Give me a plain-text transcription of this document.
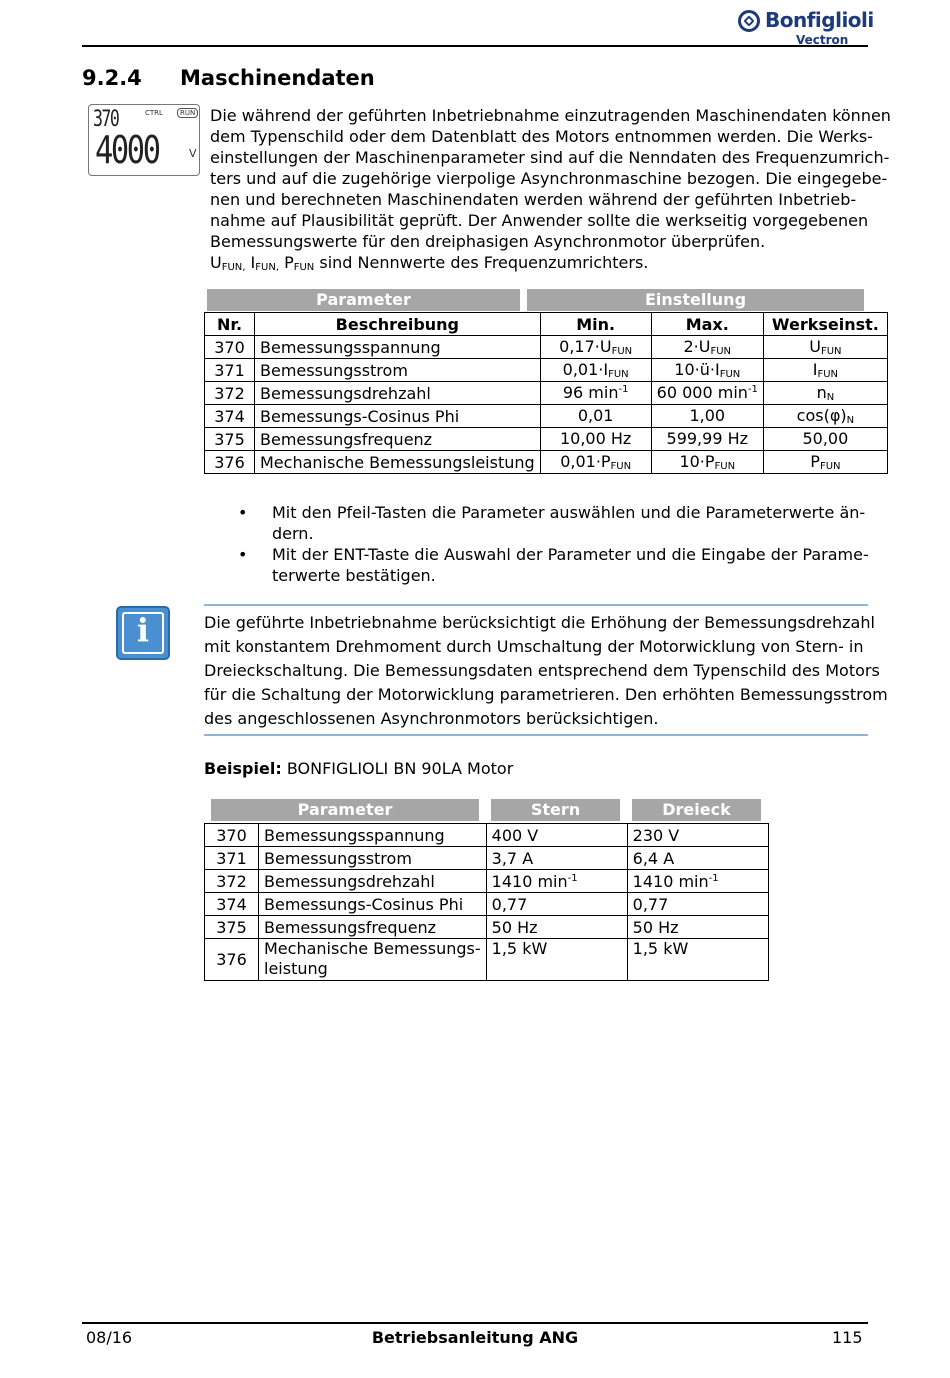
Bonfiglioli
Vectron
9.2.4 Maschinendaten
370	CTRL	RUN
4000	V
Die während der geführten Inbetriebnahme einzutragenden Maschinendaten können
dem Typenschild oder dem Datenblatt des Motors entnommen werden. Die Werks-
einstellungen der Maschinenparameter sind auf die Nenndaten des Frequenzumrich-
ters und auf die zugehörige vierpolige Asynchronmaschine bezogen. Die eingegebe-
nen und berechneten Maschinendaten werden während der geführten Inbetrieb-
nahme auf Plausibilität geprüft. Der Anwender sollte die werkseitig vorgegebenen
Bemessungswerte für den dreiphasigen Asynchronmotor überprüfen.
$U_{FUN,}$ $I_{FUN,}$ $P_{FUN}$ sind Nennwerte des Frequenzumrichters.
Parameter	Einstellung
Nr.	Beschreibung	Min.	Max.	Werkseinst.
370	Bemessungsspannung	$0,17\cdot U_{FUN}$	$2\cdot U_{FUN}$	$U_{FUN}$
371	Bemessungsstrom	$0,01\cdot I_{FUN}$	$10\cdot ü\cdot I_{FUN}$	$I_{FUN}$
372	Bemessungsdrehzahl	96 $\min^{-1}$	60 000 $\min^{-1}$	$n_N$
374	Bemessungs-Cosinus Phi	0,01	1,00	$\cos(\varphi)_N$
375	Bemessungsfrequenz	10,00 Hz	599,99 Hz	50,00
376	Mechanische Bemessungsleistung	$0,01\cdot P_{FUN}$	$10\cdot P_{FUN}$	$P_{FUN}$
• Mit den Pfeil-Tasten die Parameter auswählen und die Parameterwerte än-
dern.
• Mit der ENT-Taste die Auswahl der Parameter und die Eingabe der Parame-
terwerte bestätigen.
i	Die geführte Inbetriebnahme berücksichtigt die Erhöhung der Bemessungsdrehzahl
mit konstantem Drehmoment durch Umschaltung der Motorwicklung von Stern- in
Dreieckschaltung. Die Bemessungsdaten entsprechend dem Typenschild des Motors
für die Schaltung der Motorwicklung parametrieren. Den erhöhten Bemessungsstrom
des angeschlossenen Asynchronmotors berücksichtigen.
Beispiel: BONFIGLIOLI BN 90LA Motor
Parameter	Stern	Dreieck
370	Bemessungsspannung	400 V	230 V
371	Bemessungsstrom	3,7 A	6,4 A
372	Bemessungsdrehzahl	1410 $\min^{-1}$	1410 $\min^{-1}$
374	Bemessungs-Cosinus Phi	0,77	0,77
375	Bemessungsfrequenz	50 Hz	50 Hz
376	Mechanische Bemessungs-
leistung	1,5 kW	1,5 kW
08/16	Betriebsanleitung ANG	115
